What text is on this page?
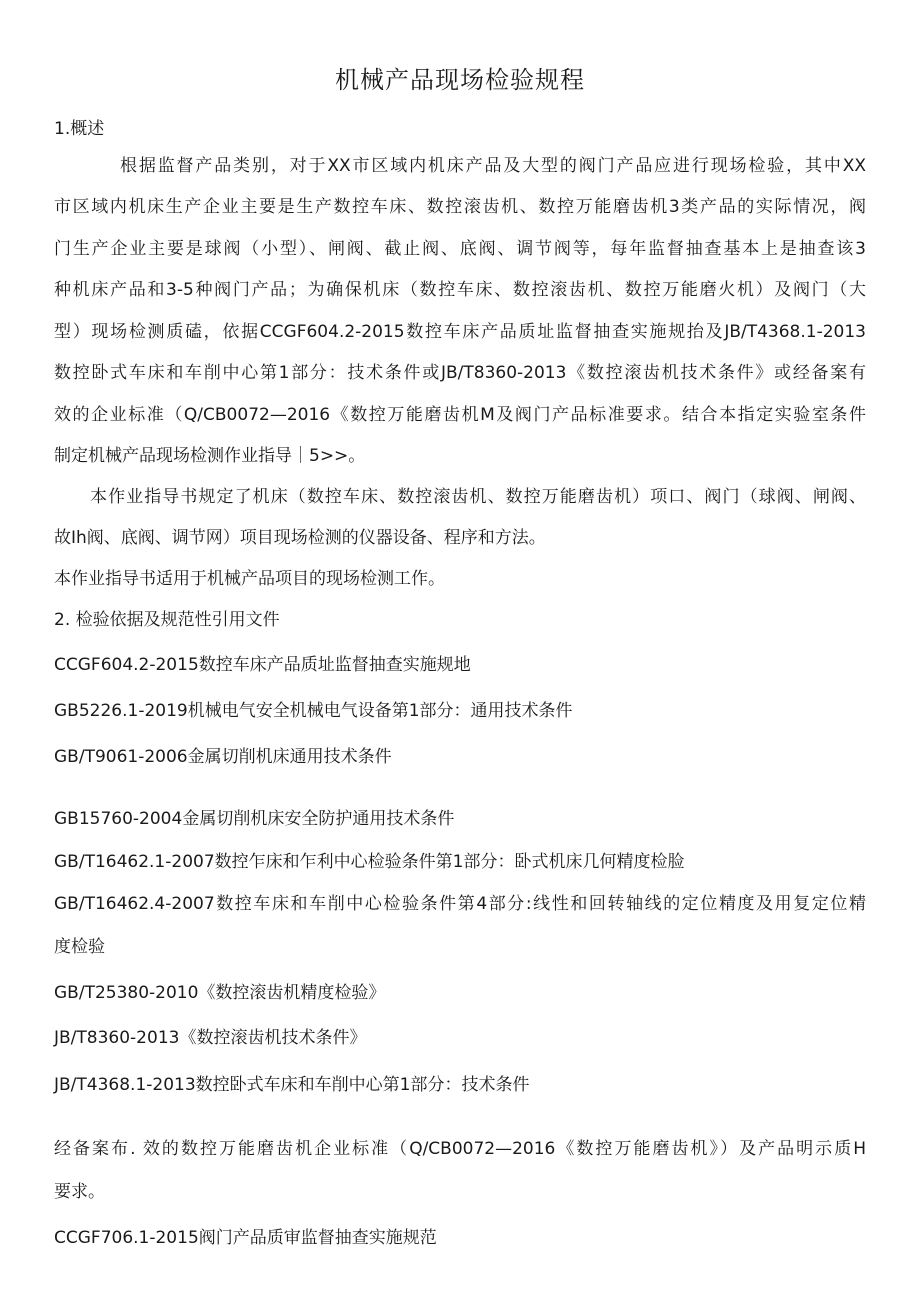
机械产品现场检验规程
1.概述
根据监督产品类别，对于XX市区域内机床产品及大型的阀门产品应进行现场检验，其中XX
市区域内机床生产企业主要是生产数控车床、数控滚齿机、数控万能磨齿机3类产品的实际情况，阀
门生产企业主要是球阀（小型）、闸阀、截止阀、底阀、调节阀等，每年监督抽查基本上是抽查该3
种机床产品和3-5种阀门产品；为确保机床（数控车床、数控滚齿机、数控万能磨火机）及阀门（大
型）现场检测质磕，依据CCGF604.2-2015数控车床产品质址监督抽查实施规抬及JB/T4368.1-2013
数控卧式车床和车削中心第1部分：技术条件或JB/T8360-2013《数控滚齿机技术条件》或经备案有
效的企业标准（Q/CB0072—2016《数控万能磨齿机M及阀门产品标准要求。结合本指定实验室条件
制定机械产品现场检测作业指导｜5>>。
本作业指导书规定了机床（数控车床、数控滚齿机、数控万能磨齿机）项口、阀门（球阀、闸阀、
故Ih阀、底阀、调节网）项目现场检测的仪器设备、程序和方法。
本作业指导书适用于机械产品项目的现场检测工作。
2. 检验依据及规范性引用文件
CCGF604.2-2015数控车床产品质址监督抽查实施规地
GB5226.1-2019机械电气安全机械电气设备第1部分：通用技术条件
GB/T9061-2006金属切削机床通用技术条件
GB15760-2004金属切削机床安全防护通用技术条件
GB/T16462.1-2007数控乍床和乍利中心检验条件第1部分：卧式机床几何精度检脸
GB/T16462.4-2007数控车床和车削中心检验条件第4部分:线性和回转轴线的定位精度及用复定位精
度检验
GB/T25380-2010《数控滚齿机精度检验》
JB/T8360-2013《数控滚齿机技术条件》
JB/T4368.1-2013数控卧式车床和车削中心第1部分：技术条件
经备案布. 效的数控万能磨齿机企业标准（Q/CB0072—2016《数控万能磨齿机》）及产品明示质H
要求。
CCGF706.1-2015阀门产品质审监督抽查实施规范
